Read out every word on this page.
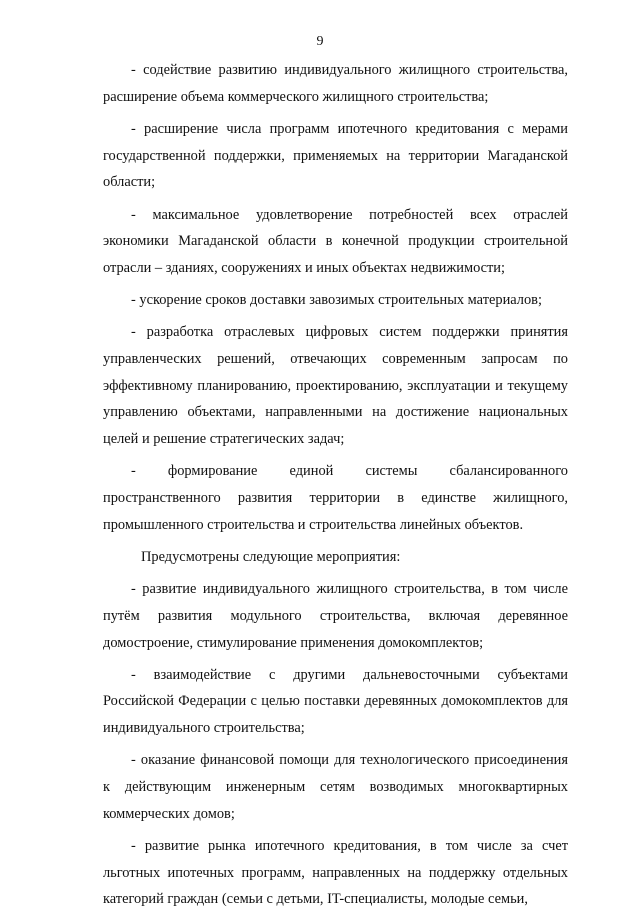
9

- содействие развитию индивидуального жилищного строительства, расширение объема коммерческого жилищного строительства;

- расширение числа программ ипотечного кредитования с мерами государственной поддержки, применяемых на территории Магаданской области;

- максимальное удовлетворение потребностей всех отраслей экономики Магаданской области в конечной продукции строительной отрасли – зданиях, сооружениях и иных объектах недвижимости;

- ускорение сроков доставки завозимых строительных материалов;

- разработка отраслевых цифровых систем поддержки принятия управленческих решений, отвечающих современным запросам по эффективному планированию, проектированию, эксплуатации и текущему управлению объектами, направленными на достижение национальных целей и решение стратегических задач;

- формирование единой системы сбалансированного пространственного развития территории в единстве жилищного, промышленного строительства и строительства линейных объектов.

Предусмотрены следующие мероприятия:

- развитие индивидуального жилищного строительства, в том числе путём развития модульного строительства, включая деревянное домостроение, стимулирование применения домокомплектов;

- взаимодействие с другими дальневосточными субъектами Российской Федерации с целью поставки деревянных домокомплектов для индивидуального строительства;

- оказание финансовой помощи для технологического присоединения к действующим инженерным сетям возводимых многоквартирных коммерческих домов;

- развитие рынка ипотечного кредитования, в том числе за счет льготных ипотечных программ, направленных на поддержку отдельных категорий граждан (семьи с детьми, IT-специалисты, молодые семьи,
